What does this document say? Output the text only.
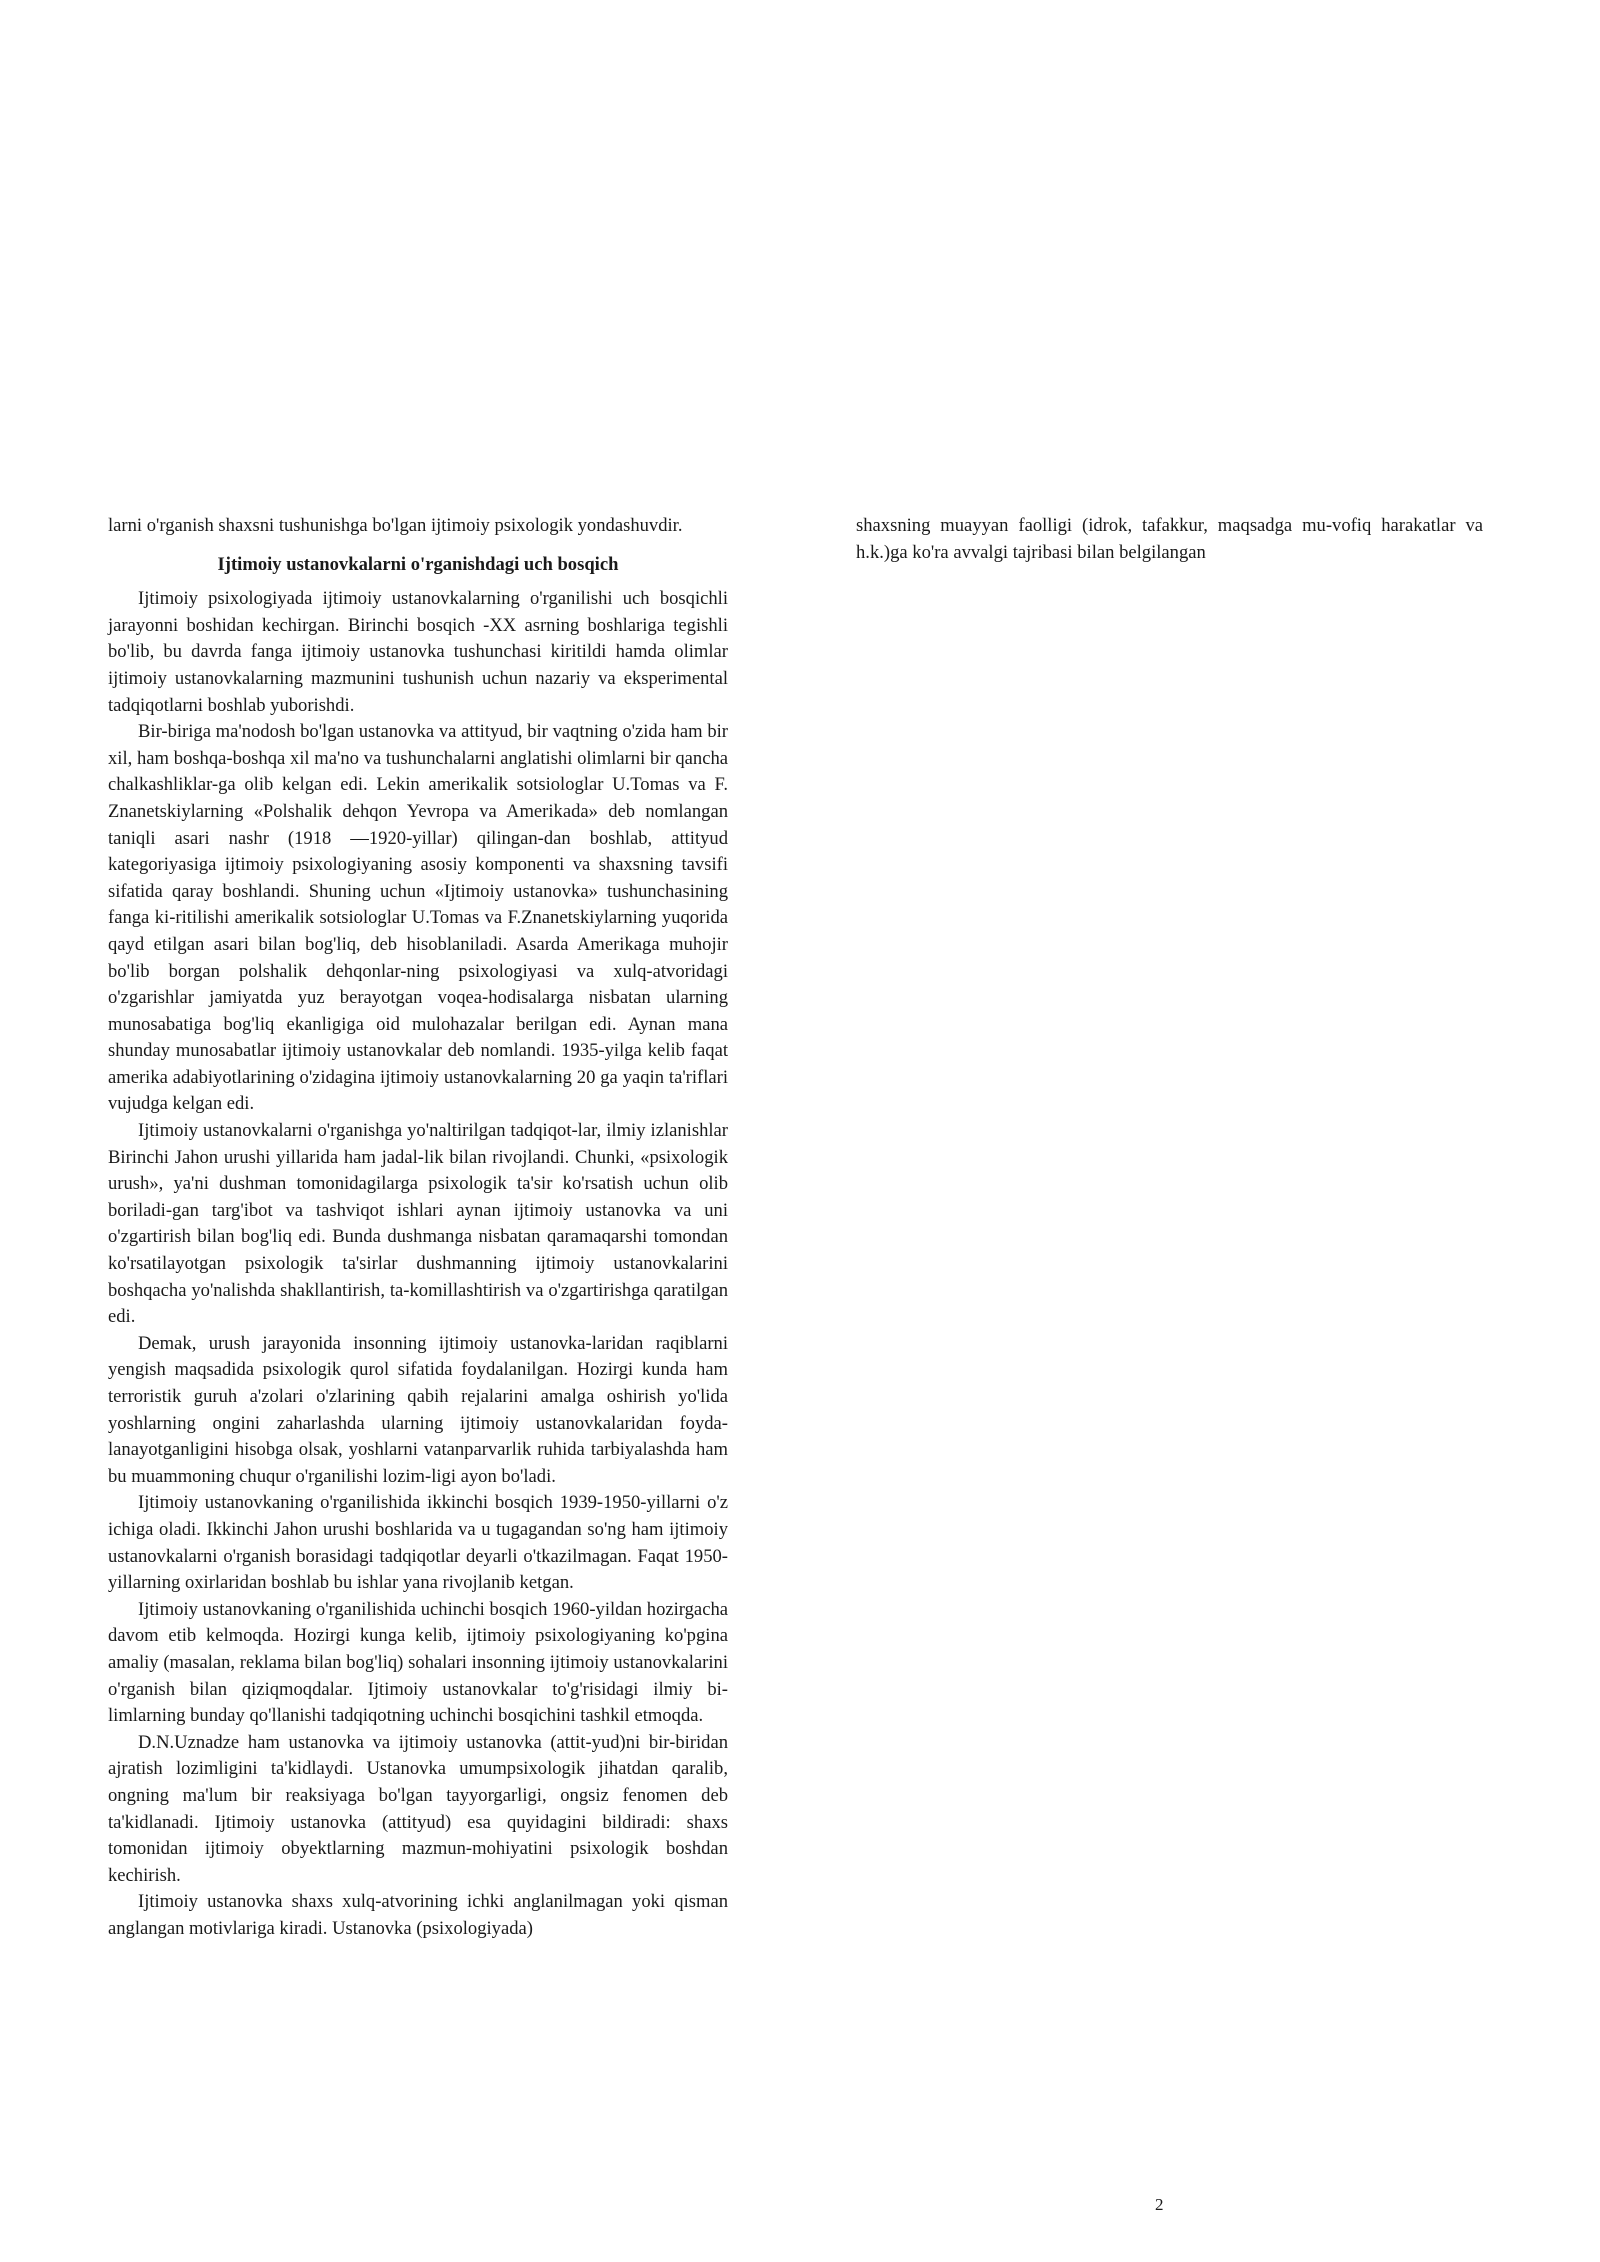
larni o'rganish shaxsni tushunishga bo'lgan ijtimoiy psixologik yondashuvdir.

Ijtimoiy ustanovkalarni o'rganishdagi uch bosqich

Ijtimoiy psixologiyada ijtimoiy ustanovkalarning o'rganilishi uch bosqichli jarayonni boshidan kechirgan. Birinchi bosqich -XX asrning boshlariga tegishli bo'lib, bu davrda fanga ijtimoiy ustanovka tushunchasi kiritildi hamda olimlar ijtimoiy ustanovkalarning mazmunini tushunish uchun nazariy va eksperimental tadqiqotlarni boshlab yuborishdi.

Bir-biriga ma'nodosh bo'lgan ustanovka va attityud, bir vaqtning o'zida ham bir xil, ham boshqa-boshqa xil ma'no va tushunchalarni anglatishi olimlarni bir qancha chalkashliklar-ga olib kelgan edi. Lekin amerikalik sotsiologlar U.Tomas va F. Znanetskiylarning «Polshalik dehqon Yevropa va Amerikada» deb nomlangan taniqli asari nashr (1918 —1920-yillar) qilingan-dan boshlab, attityud kategoriyasiga ijtimoiy psixologiyaning asosiy komponenti va shaxsning tavsifi sifatida qaray boshlandi. Shuning uchun «Ijtimoiy ustanovka» tushunchasining fanga ki-ritilishi amerikalik sotsiologlar U.Tomas va F.Znanetskiylarning yuqorida qayd etilgan asari bilan bog'liq, deb hisoblaniladi. Asarda Amerikaga muhojir bo'lib borgan polshalik dehqonlar-ning psixologiyasi va xulq-atvoridagi o'zgarishlar jamiyatda yuz berayotgan voqea-hodisalarga nisbatan ularning munosabatiga bog'liq ekanligiga oid mulohazalar berilgan edi. Aynan mana shunday munosabatlar ijtimoiy ustanovkalar deb nomlandi. 1935-yilga kelib faqat amerika adabiyotlarining o'zidagina ijtimoiy ustanovkalarning 20 ga yaqin ta'riflari vujudga kelgan edi.

Ijtimoiy ustanovkalarni o'rganishga yo'naltirilgan tadqiqot-lar, ilmiy izlanishlar Birinchi Jahon urushi yillarida ham jadal-lik bilan rivojlandi. Chunki, «psixologik urush», ya'ni dushman tomonidagilarga psixologik ta'sir ko'rsatish uchun olib boriladi-gan targ'ibot va tashviqot ishlari aynan ijtimoiy ustanovka va uni o'zgartirish bilan bog'liq edi. Bunda dushmanga nisbatan qaramaqarshi tomondan ko'rsatilayotgan psixologik ta'sirlar dushmanning ijtimoiy ustanovkalarini boshqacha yo'nalishda shakllantirish, ta-komillashtirish va o'zgartirishga qaratilgan edi.

Demak, urush jarayonida insonning ijtimoiy ustanovka-laridan raqiblarni yengish maqsadida psixologik qurol sifatida foydalanilgan. Hozirgi kunda ham terroristik guruh a'zolari o'zlarining qabih rejalarini amalga oshirish yo'lida yoshlarning ongini zaharlashda ularning ijtimoiy ustanovkalaridan foyda-lanayotganligini hisobga olsak, yoshlarni vatanparvarlik ruhida tarbiyalashda ham bu muammoning chuqur o'rganilishi lozim-ligi ayon bo'ladi.

Ijtimoiy ustanovkaning o'rganilishida ikkinchi bosqich 1939-1950-yillarni o'z ichiga oladi. Ikkinchi Jahon urushi boshlarida va u tugagandan so'ng ham ijtimoiy ustanovkalarni o'rganish borasidagi tadqiqotlar deyarli o'tkazilmagan. Faqat 1950-yillarning oxirlaridan boshlab bu ishlar yana rivojlanib ketgan.

Ijtimoiy ustanovkaning o'rganilishida uchinchi bosqich 1960-yildan hozirgacha davom etib kelmoqda. Hozirgi kunga kelib, ijtimoiy psixologiyaning ko'pgina amaliy (masalan, reklama bilan bog'liq) sohalari insonning ijtimoiy ustanovkalarini o'rganish bilan qiziqmoqdalar. Ijtimoiy ustanovkalar to'g'risidagi ilmiy bi-limlarning bunday qo'llanishi tadqiqotning uchinchi bosqichini tashkil etmoqda.

D.N.Uznadze ham ustanovka va ijtimoiy ustanovka (attit-yud)ni bir-biridan ajratish lozimligini ta'kidlaydi. Ustanovka umumpsixologik jihatdan qaralib, ongning ma'lum bir reaksiyaga bo'lgan tayyorgarligi, ongsiz fenomen deb ta'kidlanadi. Ijtimoiy ustanovka (attityud) esa quyidagini bildiradi: shaxs tomonidan ijtimoiy obyektlarning mazmun-mohiyatini psixologik boshdan kechirish.

Ijtimoiy ustanovka shaxs xulq-atvorining ichki anglanilmagan yoki qisman anglangan motivlariga kiradi. Ustanovka (psixologiyada)

shaxsning muayyan faolligi (idrok, tafakkur, maqsadga mu-vofiq harakatlar va h.k.)ga ko'ra avvalgi tajribasi bilan belgilangan

2
